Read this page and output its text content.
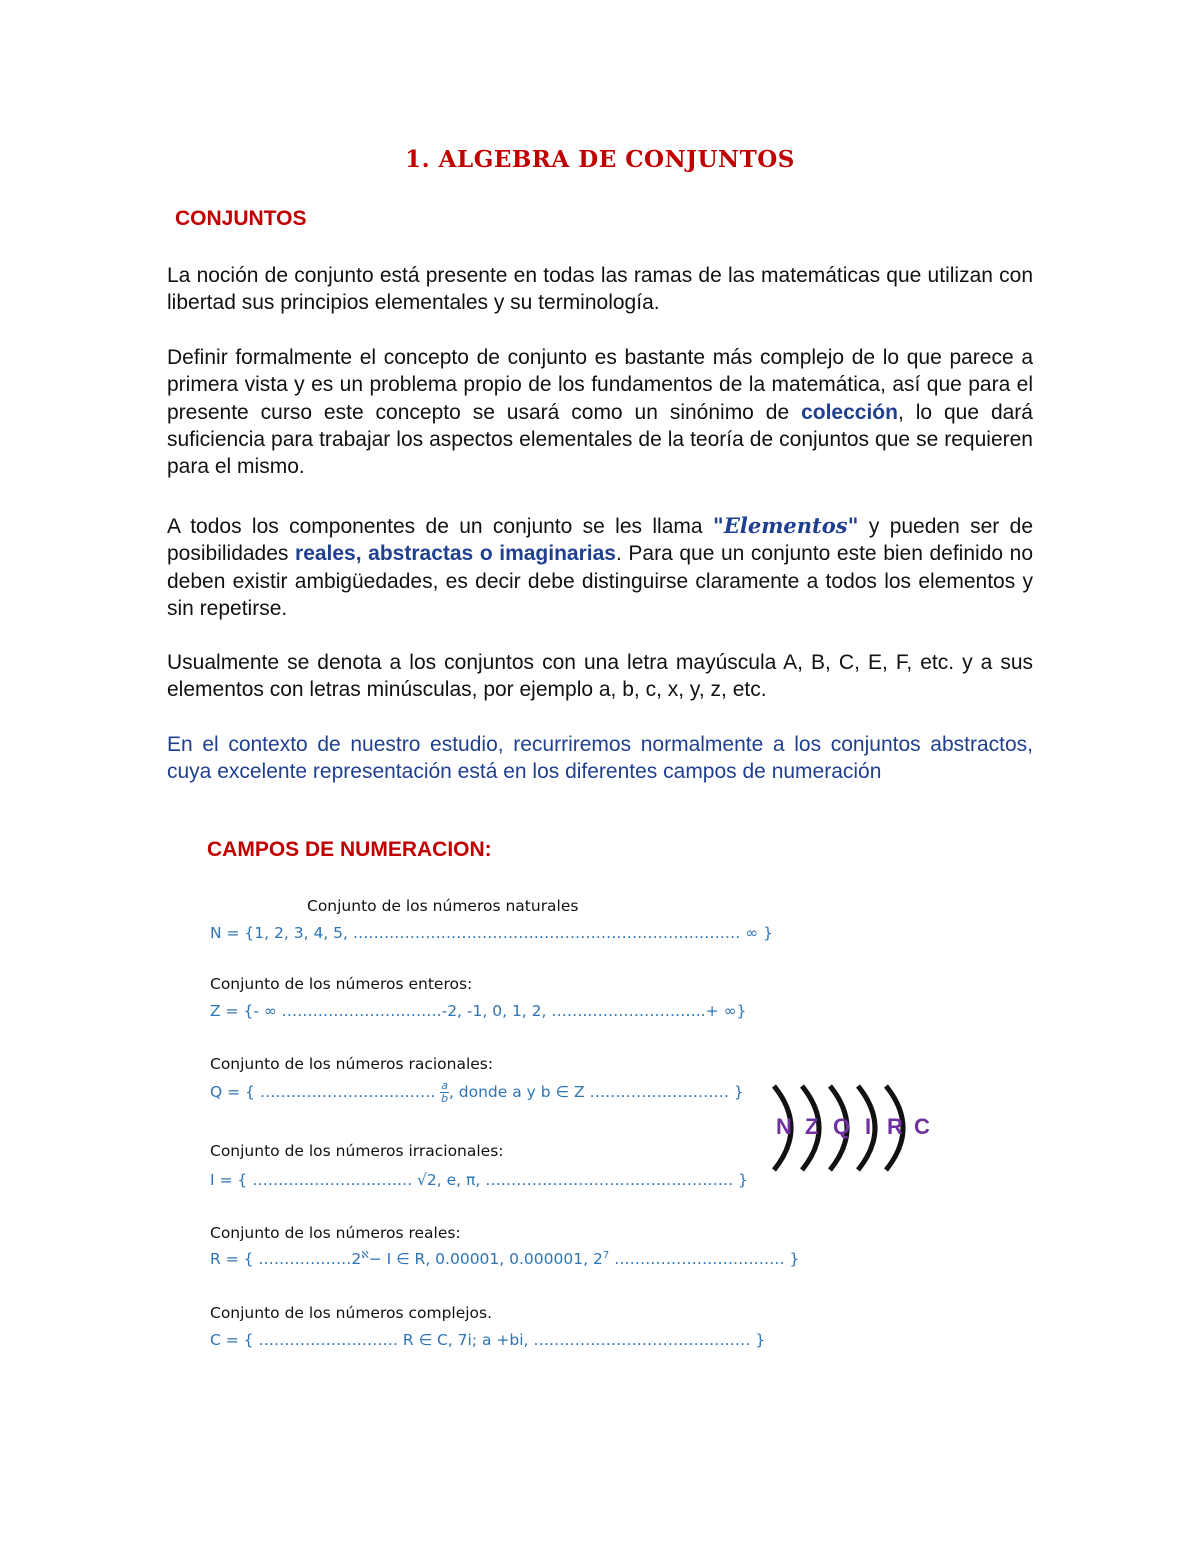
1. ALGEBRA DE CONJUNTOS
CONJUNTOS
La noción de conjunto está presente en todas las ramas de las matemáticas que utilizan con libertad sus principios elementales y su terminología.
Definir formalmente el concepto de conjunto es bastante más complejo de lo que parece a primera vista y es un problema propio de los fundamentos de la matemática, así que para el presente curso este concepto se usará como un sinónimo de colección, lo que dará suficiencia para trabajar los aspectos elementales de la teoría de conjuntos que se requieren para el mismo.
A todos los componentes de un conjunto se les llama "Elementos" y pueden ser de posibilidades reales, abstractas o imaginarias. Para que un conjunto este bien definido no deben existir ambigüedades, es decir debe distinguirse claramente a todos los elementos y sin repetirse.
Usualmente se denota a los conjuntos con una letra mayúscula A, B, C, E, F, etc. y a sus elementos con letras minúsculas, por ejemplo a, b, c, x, y, z, etc.
En el contexto de nuestro estudio, recurriremos normalmente a los conjuntos abstractos, cuya excelente representación está en los diferentes campos de numeración
CAMPOS DE NUMERACION:
Conjunto de los números naturales
N = {1, 2, 3, 4, 5, ………………………………………………………………… ∞ }
Conjunto de los números enteros:
Z = {- ∞ ………………………….-2, -1, 0, 1, 2, …….…………………..+ ∞}
Conjunto de los números racionales:
Q = { ……………………………. $\frac{a}{b}$ , donde a y b ∈ Z ……………………… }
Conjunto de los números irracionales:
I = { …………………………. √2, e, π, ………………………………………… }
Conjunto de los números reales:
R = { $\dots\dots\dots\dots\dots\dots 2^ℵ- I$ ∈ R, 0.00001, 0.000001, $2^7$ …………………………… }
Conjunto de los números complejos.
C = { ……………………… R ∈ C, 7i; a +bi, …………………………………… }
N Z Q I R C
